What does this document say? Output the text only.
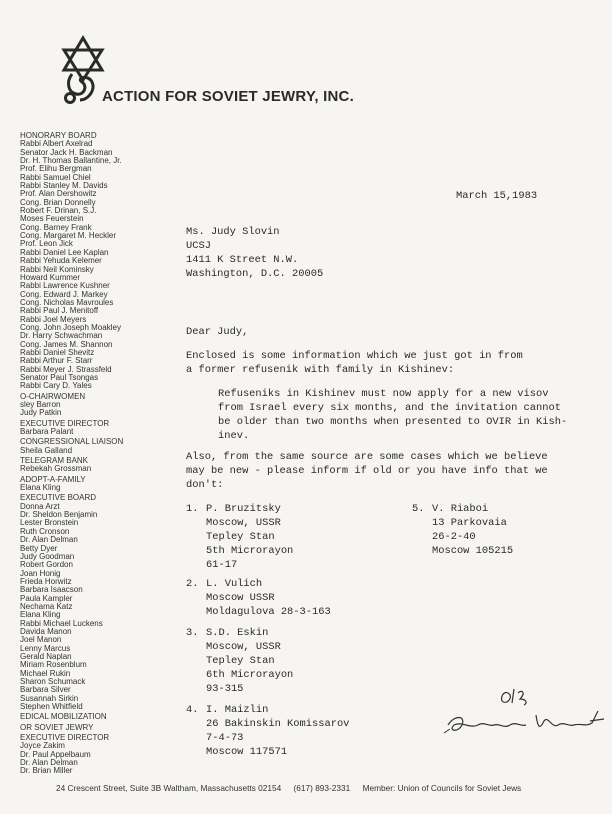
ACTION FOR SOVIET JEWRY, INC.
HONORARY BOARD
Rabbi Albert Axelrad
Senator Jack H. Backman
Dr. H. Thomas Ballantine, Jr.
Prof. Elihu Bergman
Rabbi Samuel Chiel
Rabbi Stanley M. Davids
Prof. Alan Dershowitz
Cong. Brian Donnelly
Robert F. Drinan, S.J.
Moses Feuerstein
Cong. Barney Frank
Cong. Margaret M. Heckler
Prof. Leon Jick
Rabbi Daniel Lee Kaplan
Rabbi Yehuda Kelemer
Rabbi Neil Kominsky
Howard Kummer
Rabbi Lawrence Kushner
Cong. Edward J. Markey
Cong. Nicholas Mavroules
Rabbi Paul J. Menitoff
Rabbi Joel Meyers
Cong. John Joseph Moakley
Dr. Harry Schwachman
Cong. James M. Shannon
Rabbi Daniel Shevitz
Rabbi Arthur F. Starr
Rabbi Meyer J. Strassfeld
Senator Paul Tsongas
Rabbi Cary D. Yales
O-CHAIRWOMEN
sley Barron
Judy Patkin
EXECUTIVE DIRECTOR
Barbara Palant
CONGRESSIONAL LIAISON
Sheila Galland
TELEGRAM BANK
Rebekah Grossman
ADOPT-A-FAMILY
Elana Kling
EXECUTIVE BOARD
Donna Arzt
Dr. Sheldon Benjamin
Lester Bronstein
Ruth Cronson
Dr. Alan Delman
Betty Dyer
Judy Goodman
Robert Gordon
Joan Honig
Frieda Horwitz
Barbara Isaacson
Paula Kampler
Nechama Katz
Elana Kling
Rabbi Michael Luckens
Davida Manon
Joel Manon
Lenny Marcus
Gerald Naplan
Miriam Rosenblum
Michael Rukin
Sharon Schumack
Barbara Silver
Susannah Sirkin
Stephen Whitfield
EDICAL MOBILIZATION
OR SOVIET JEWRY
EXECUTIVE DIRECTOR
Joyce Zakim
Dr. Paul Appelbaum
Dr. Alan Delman
Dr. Brian Miller
March 15,1983
Ms. Judy Slovin
UCSJ
1411 K Street N.W.
Washington, D.C. 20005
Dear Judy,
Enclosed is some information which we just got in from
a former refusenik with family in Kishinev:
Refuseniks in Kishinev must now apply for a new visov
from Israel every six months, and the invitation cannot
be older than two months when presented to OVIR in Kish-
inev.
Also, from the same source are some cases which we believe
may be new - please inform if old or you have info that we
don't:
1. P. Bruzitsky
Moscow, USSR
Tepley Stan
5th Microrayon
61-17
2. L. Vulich
Moscow USSR
Moldagulova 28-3-163
3. S.D. Eskin
Moscow, USSR
Tepley Stan
6th Microrayon
93-315
4. I. Maizlin
26 Bakinskin Komissarov
7-4-73
Moscow 117571
5. V. Riaboi
13 Parkovaia
26-2-40
Moscow 105215
24 Crescent Street, Suite 3B Waltham, Massachusetts 02154 (617) 893-2331 Member: Union of Councils for Soviet Jews
